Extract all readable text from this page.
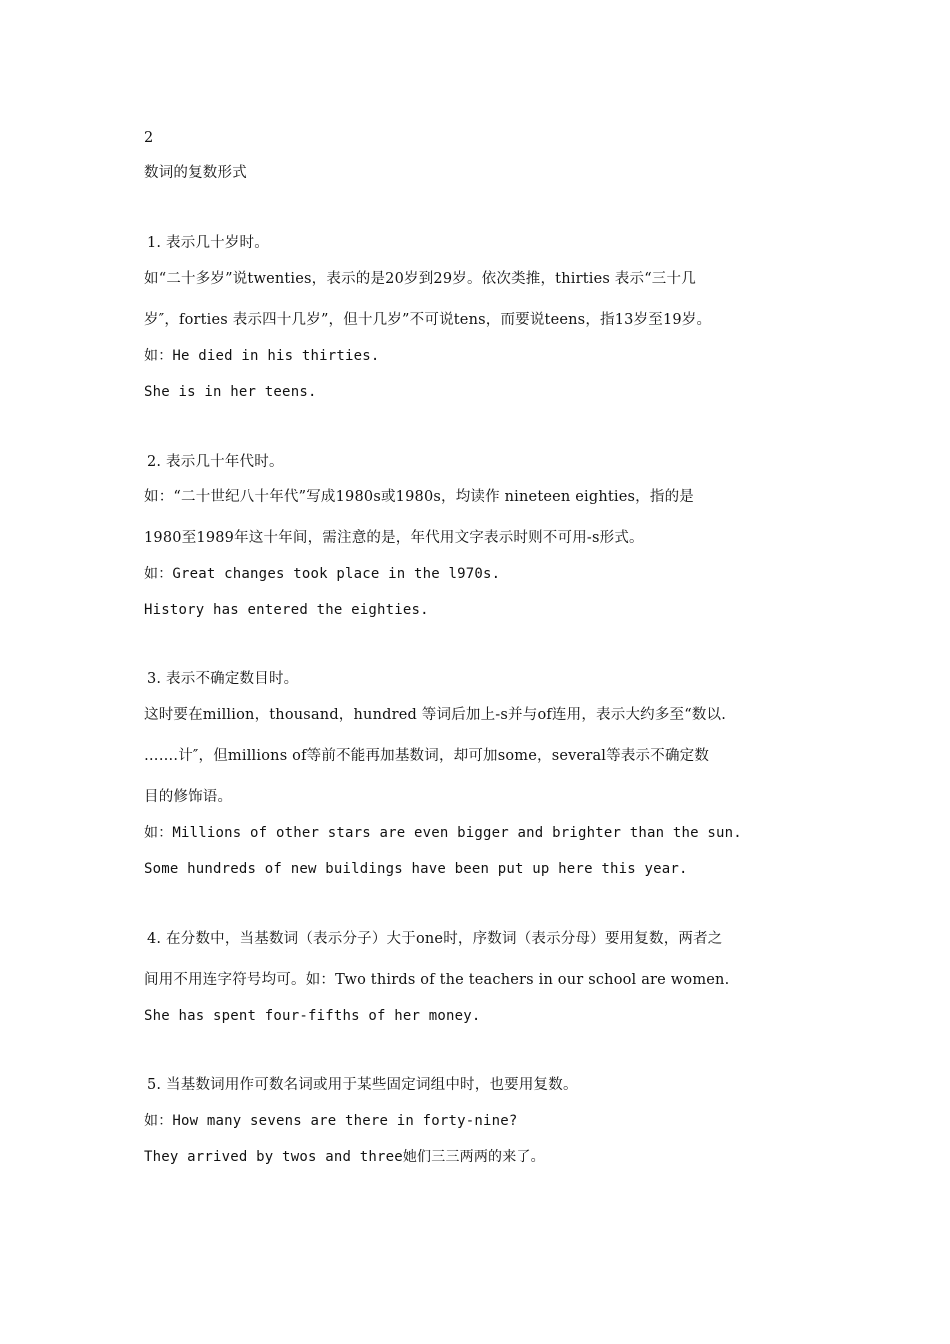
2
数词的复数形式
1. 表示几十岁时。
如“二十多岁”说twenties，表示的是20岁到29岁。依次类推，thirties 表示“三十几
岁″，forties 表示四十几岁”，但十几岁”不可说tens，而要说teens，指13岁至19岁。
如：He died in his thirties.
She is in her teens.
2. 表示几十年代时。
如：“二十世纪八十年代”写成1980s或1980s，均读作 nineteen eighties，指的是
1980至1989年这十年间，需注意的是，年代用文字表示时则不可用-s形式。
如：Great changes took place in the l970s.
History has entered the eighties.
3. 表示不确定数目时。
这时要在million，thousand，hundred 等词后加上-s并与of连用，表示大约多至“数以.
…….计″，但millions of等前不能再加基数词，却可加some，several等表示不确定数
目的修饰语。
如：Millions of other stars are even bigger and brighter than the sun.
Some hundreds of new buildings have been put up here this year.
4. 在分数中，当基数词（表示分子）大于one时，序数词（表示分母）要用复数，两者之
间用不用连字符号均可。如：Two thirds of the teachers in our school are women.
She has spent four-fifths of her money.
5. 当基数词用作可数名词或用于某些固定词组中时，也要用复数。
如：How many sevens are there in forty-nine?
They arrived by twos and three她们三三两两的来了。
